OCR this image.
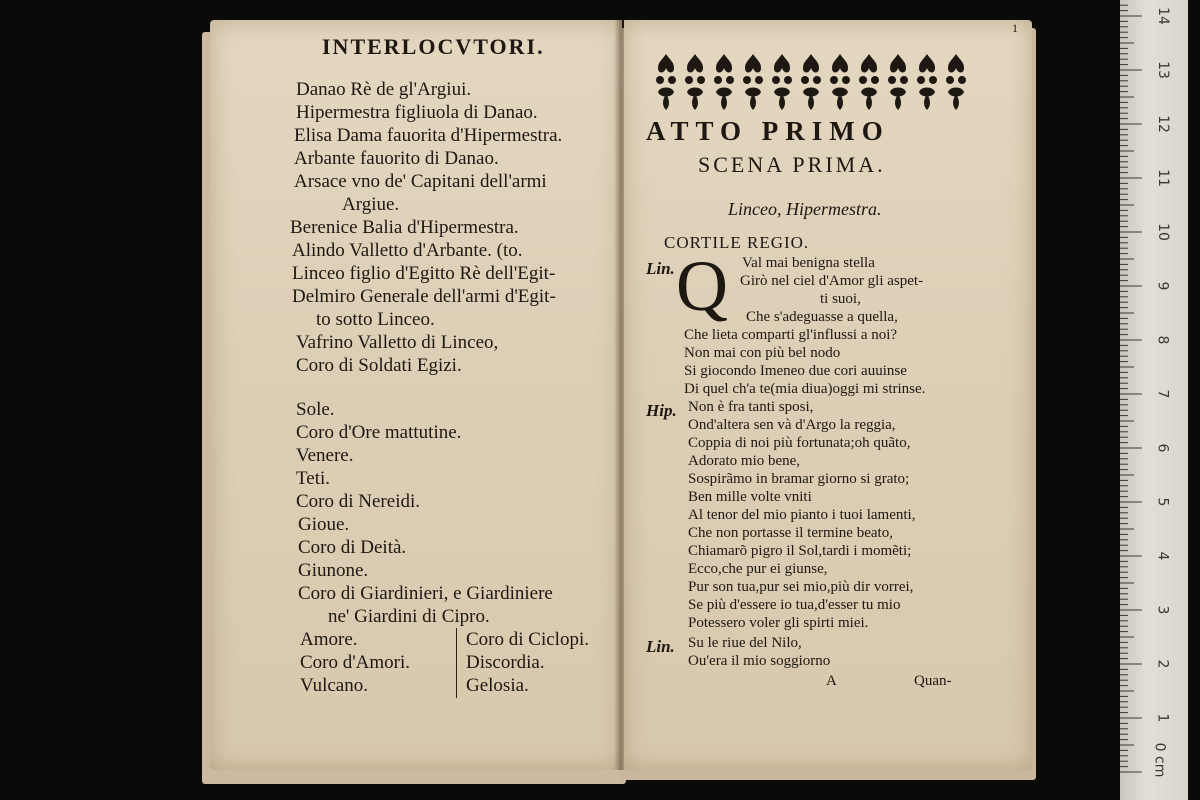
INTERLOCVTORI.
Danao Rè de gl'Argiui.
Hipermestra figliuola di Danao.
Elisa Dama fauorita d'Hipermestra.
Arbante fauorito di Danao.
Arsace vno de' Capitani dell'armi
Argiue.
Berenice Balia d'Hipermestra.
Alindo Valletto d'Arbante. (to.
Linceo figlio d'Egitto Rè dell'Egit-
Delmiro Generale dell'armi d'Egit-
to sotto Linceo.
Vafrino Valletto di Linceo,
Coro di Soldati Egizi.
Sole.
Coro d'Ore mattutine.
Venere.
Teti.
Coro di Nereidi.
Gioue.
Coro di Deità.
Giunone.
Coro di Giardinieri, e Giardiniere
ne' Giardini di Cipro.
Amore.
Coro d'Amori.
Vulcano.
Coro di Ciclopi.
Discordia.
Gelosia.
1
ATTO PRIMO
SCENA PRIMA.
Linceo, Hipermestra.
CORTILE REGIO.
Lin. Q Val mai benigna stella
Girò nel ciel d'Amor gli aspet-
ti suoi,
Che s'adeguasse a quella,
Che lieta comparti gl'influssi a noi?
Non mai con più bel nodo
Si giocondo Imeneo due cori auuinse
Di quel ch'a te(mia diua)oggi mi strinse.
Hip. Non è fra tanti sposi,
Ond'altera sen và d'Argo la reggia,
Coppia di noi più fortunata;oh quãto,
Adorato mio bene,
Sospirãmo in bramar giorno si grato;
Ben mille volte vniti
Al tenor del mio pianto i tuoi lamenti,
Che non portasse il termine beato,
Chiamarõ pigro il Sol,tardi i momẽti;
Ecco,che pur ei giunse,
Pur son tua,pur sei mio,più dir vorrei,
Se più d'essere io tua,d'esser tu mio
Potessero voler gli spirti miei.
Lin. Su le riue del Nilo,
Ou'era il mio soggiorno
A	Quan-
0 cm
1
2
3
4
5
6
7
8
9
10
11
12
13
14
